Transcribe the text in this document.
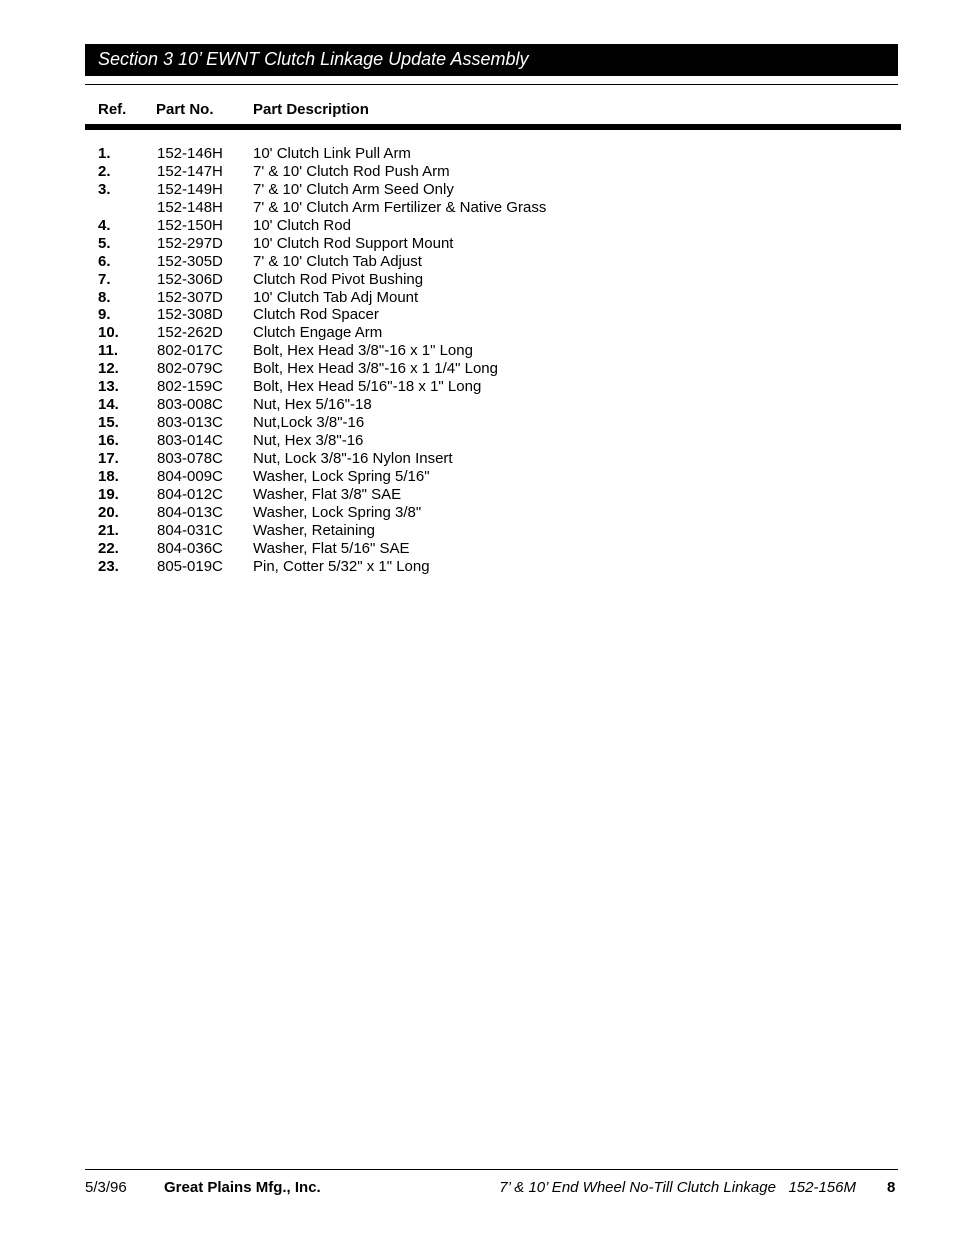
Section 3 10’ EWNT Clutch Linkage Update Assembly
Ref. Part No.	Part Description
1.	152-146H 10' Clutch Link Pull Arm
2.	152-147H 7' & 10' Clutch Rod Push Arm
3.	152-149H 7' & 10' Clutch Arm Seed Only
152-148H 7' & 10' Clutch Arm Fertilizer & Native Grass
4.	152-150H 10' Clutch Rod
5.	152-297D 10' Clutch Rod Support Mount
6.	152-305D 7' & 10' Clutch Tab Adjust
7.	152-306D Clutch Rod Pivot Bushing
8.	152-307D 10' Clutch Tab Adj Mount
9.	152-308D Clutch Rod Spacer
10.	152-262D Clutch Engage Arm
11.	802-017C Bolt, Hex Head 3/8"-16 x 1" Long
12.	802-079C Bolt, Hex Head 3/8"-16 x 1 1/4" Long
13.	802-159C Bolt, Hex Head 5/16"-18 x 1" Long
14.	803-008C Nut, Hex 5/16"-18
15.	803-013C Nut,Lock 3/8"-16
16.	803-014C Nut, Hex 3/8"-16
17.	803-078C Nut, Lock 3/8"-16 Nylon Insert
18.	804-009C Washer, Lock Spring 5/16"
19.	804-012C Washer, Flat 3/8" SAE
20.	804-013C Washer, Lock Spring 3/8"
21.	804-031C Washer, Retaining
22.	804-036C Washer, Flat 5/16" SAE
23.	805-019C Pin, Cotter 5/32" x 1" Long
5/3/96 Great Plains Mfg., Inc.	7’ & 10’ End Wheel No-Till Clutch Linkage   152-156M 8
